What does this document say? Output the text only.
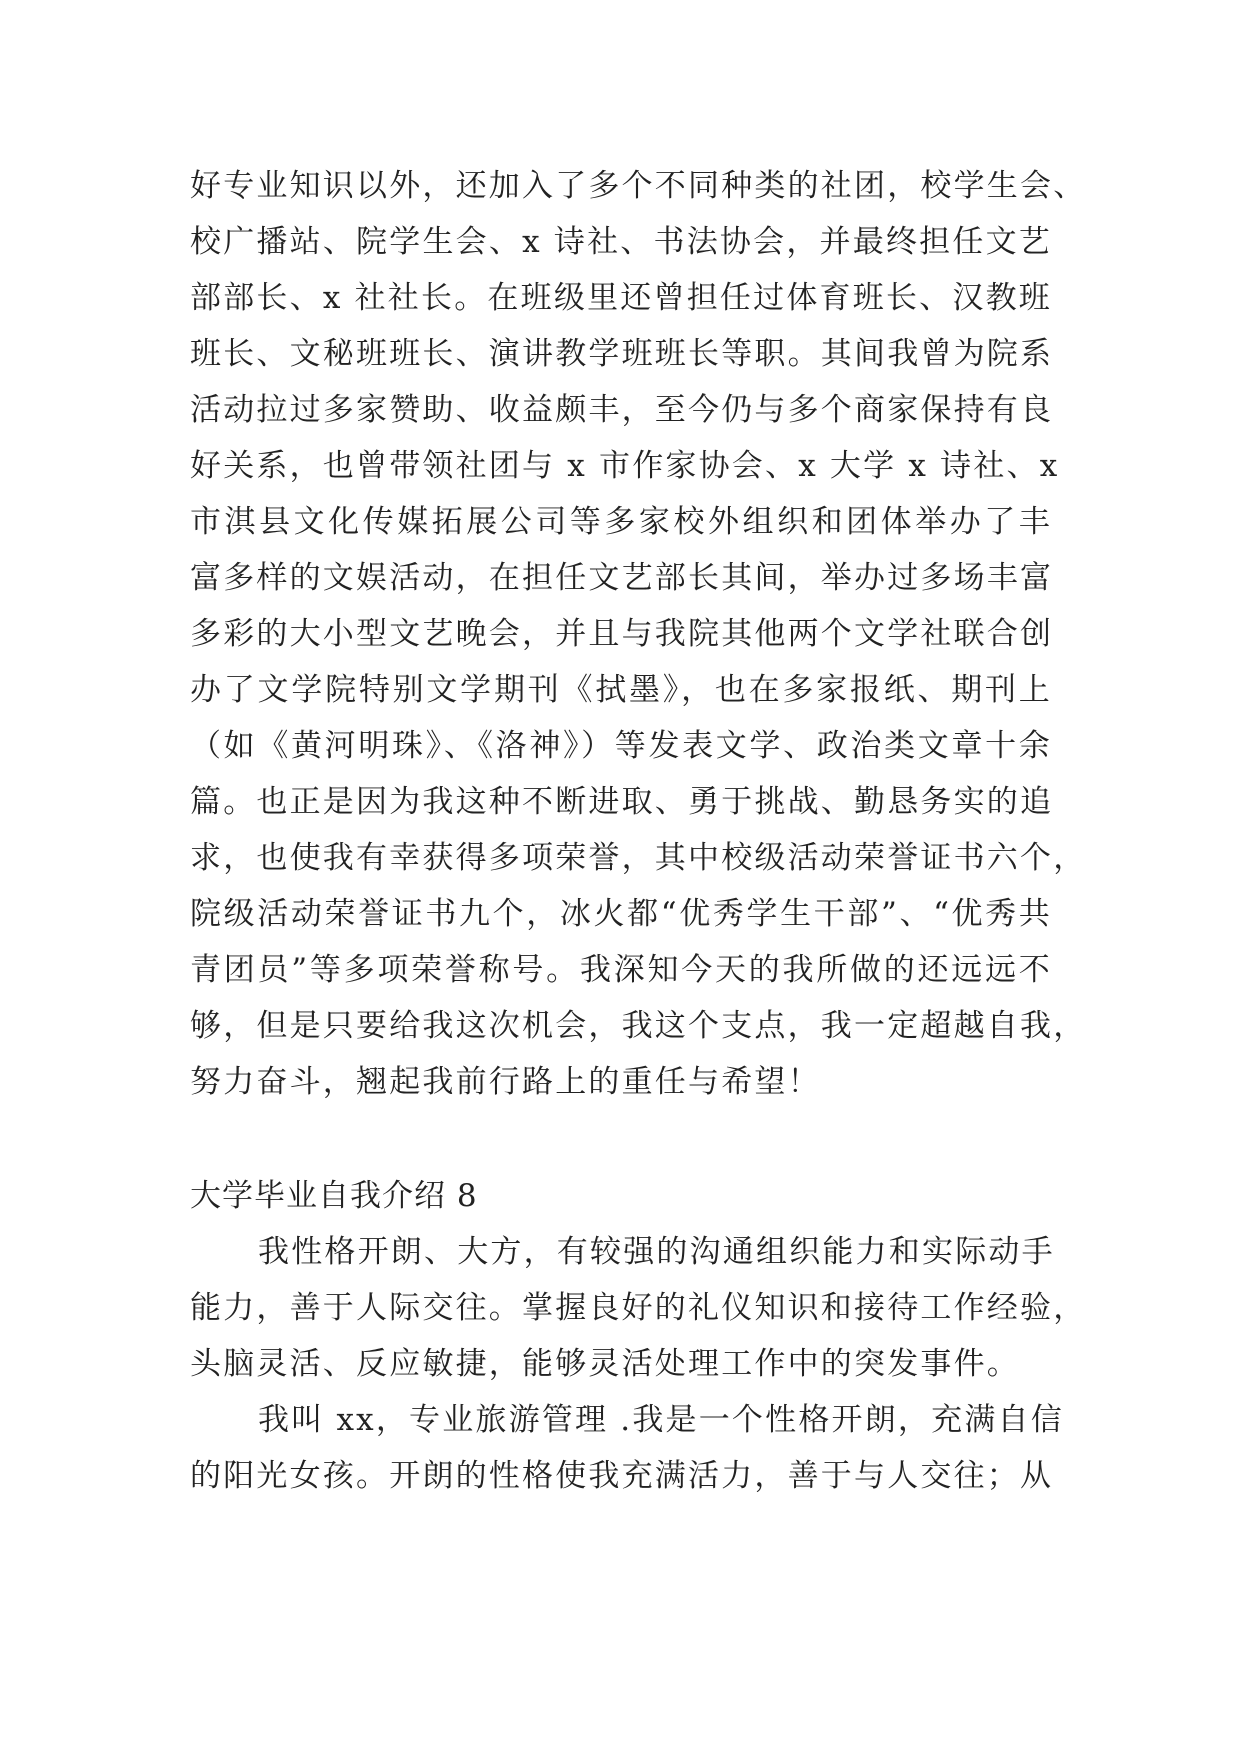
好专业知识以外，还加入了多个不同种类的社团，校学生会、
校广播站、院学生会、x 诗社、书法协会，并最终担任文艺
部部长、x 社社长。在班级里还曾担任过体育班长、汉教班
班长、文秘班班长、演讲教学班班长等职。其间我曾为院系
活动拉过多家赞助、收益颇丰，至今仍与多个商家保持有良
好关系，也曾带领社团与 x 市作家协会、x 大学 x 诗社、x
市淇县文化传媒拓展公司等多家校外组织和团体举办了丰
富多样的文娱活动，在担任文艺部长其间，举办过多场丰富
多彩的大小型文艺晚会，并且与我院其他两个文学社联合创
办了文学院特别文学期刊《拭墨》，也在多家报纸、期刊上
（如《黄河明珠》、《洛神》）等发表文学、政治类文章十余
篇。也正是因为我这种不断进取、勇于挑战、勤恳务实的追
求，也使我有幸获得多项荣誉，其中校级活动荣誉证书六个，
院级活动荣誉证书九个，冰火都“优秀学生干部”、“优秀共
青团员”等多项荣誉称号。我深知今天的我所做的还远远不
够，但是只要给我这次机会，我这个支点，我一定超越自我，
努力奋斗，翘起我前行路上的重任与希望！
大学毕业自我介绍 8
我性格开朗、大方，有较强的沟通组织能力和实际动手
能力，善于人际交往。掌握良好的礼仪知识和接待工作经验，
头脑灵活、反应敏捷，能够灵活处理工作中的突发事件。
我叫 xx，专业旅游管理 .我是一个性格开朗，充满自信
的阳光女孩。开朗的性格使我充满活力，善于与人交往；从
